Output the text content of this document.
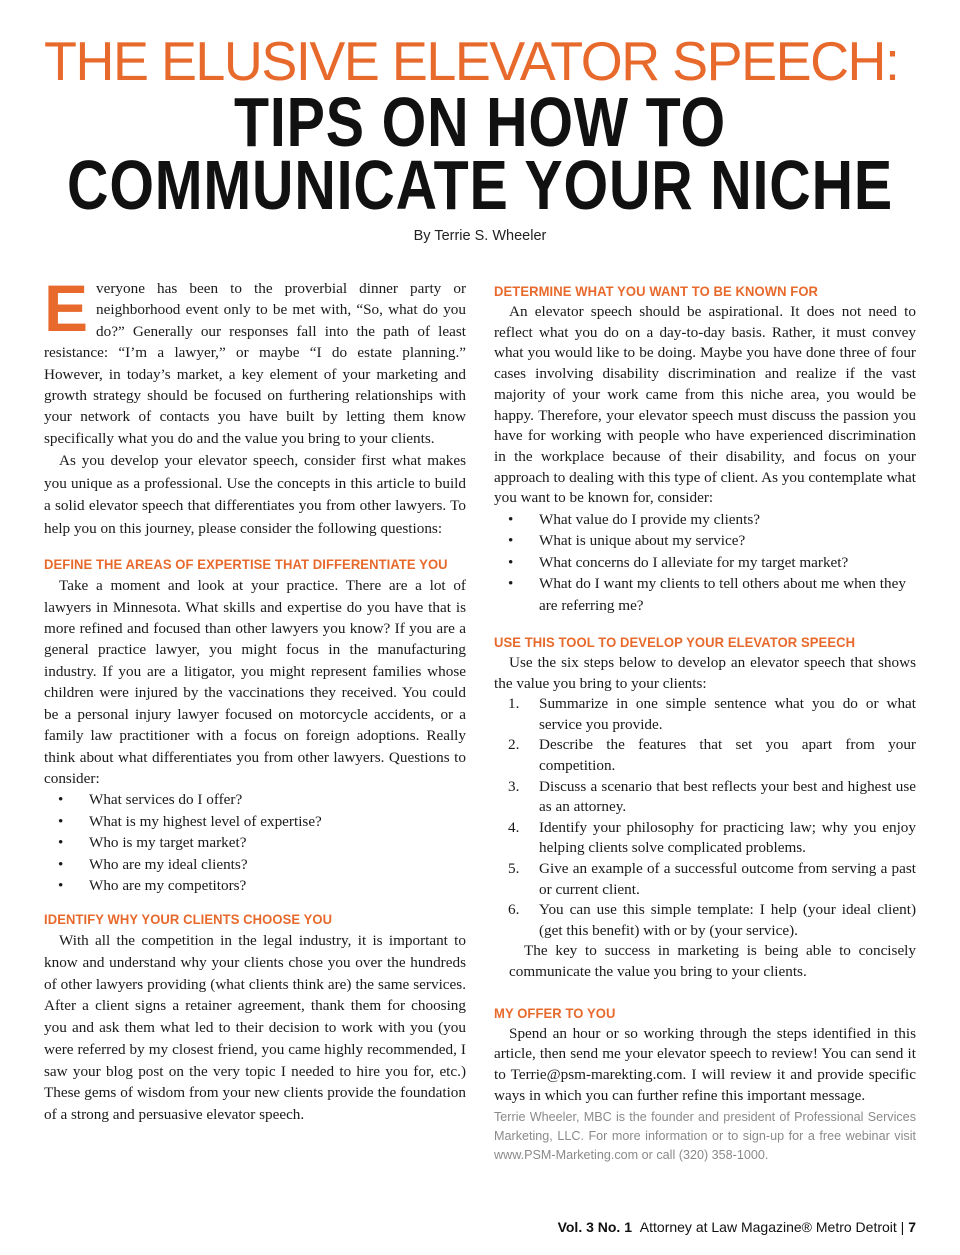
THE ELUSIVE ELEVATOR SPEECH:
TIPS ON HOW TO
COMMUNICATE YOUR NICHE
By Terrie S. Wheeler

Everyone has been to the proverbial dinner party or neighborhood event only to be met with, “So, what do you do?” Generally our responses fall into the path of least resistance: “I’m a lawyer,” or maybe “I do estate planning.” However, in today’s market, a key element of your marketing and growth strategy should be focused on furthering relationships with your network of contacts you have built by letting them know specifically what you do and the value you bring to your clients.

As you develop your elevator speech, consider first what makes you unique as a professional. Use the concepts in this article to build a solid elevator speech that differentiates you from other lawyers. To help you on this journey, please consider the following questions:

DEFINE THE AREAS OF EXPERTISE THAT DIFFERENTIATE YOU

Take a moment and look at your practice. There are a lot of lawyers in Minnesota. What skills and expertise do you have that is more refined and focused than other lawyers you know? If you are a general practice lawyer, you might focus in the manufacturing industry. If you are a litigator, you might represent families whose children were injured by the vaccinations they received. You could be a personal injury lawyer focused on motorcycle accidents, or a family law practitioner with a focus on foreign adoptions. Really think about what differentiates you from other lawyers. Questions to consider:

• What services do I offer?
• What is my highest level of expertise?
• Who is my target market?
• Who are my ideal clients?
• Who are my competitors?
IDENTIFY WHY YOUR CLIENTS CHOOSE YOU

With all the competition in the legal industry, it is important to know and understand why your clients chose you over the hundreds of other lawyers providing (what clients think are) the same services. After a client signs a retainer agreement, thank them for choosing you and ask them what led to their decision to work with you (you were referred by my closest friend, you came highly recommended, I saw your blog post on the very topic I needed to hire you for, etc.) These gems of wisdom from your new clients provide the foundation of a strong and persuasive elevator speech.

DETERMINE WHAT YOU WANT TO BE KNOWN FOR

An elevator speech should be aspirational. It does not need to reflect what you do on a day-to-day basis. Rather, it must convey what you would like to be doing. Maybe you have done three of four cases involving disability discrimination and realize if the vast majority of your work came from this niche area, you would be happy. Therefore, your elevator speech must discuss the passion you have for working with people who have experienced discrimination in the workplace because of their disability, and focus on your approach to dealing with this type of client. As you contemplate what you want to be known for, consider:

• What value do I provide my clients?
• What is unique about my service?
• What concerns do I alleviate for my target market?
• What do I want my clients to tell others about me when they are referring me?
USE THIS TOOL TO DEVELOP YOUR ELEVATOR SPEECH

Use the six steps below to develop an elevator speech that shows the value you bring to your clients:

1. Summarize in one simple sentence what you do or what service you provide.
2. Describe the features that set you apart from your competition.
3. Discuss a scenario that best reflects your best and highest use as an attorney.
4. Identify your philosophy for practicing law; why you enjoy helping clients solve complicated problems.
5. Give an example of a successful outcome from serving a past or current client.
6. You can use this simple template: I help (your ideal client) (get this benefit) with or by (your service).

The key to success in marketing is being able to concisely communicate the value you bring to your clients.

MY OFFER TO YOU

Spend an hour or so working through the steps identified in this article, then send me your elevator speech to review! You can send it to Terrie@psm-marekting.com. I will review it and provide specific ways in which you can further refine this important message.

Terrie Wheeler, MBC is the founder and president of Professional Services Marketing, LLC. For more information or to sign-up for a free webinar visit www.PSM-Marketing.com or call (320) 358-1000.

Vol. 3 No. 1 Attorney at Law Magazine® Metro Detroit | 7
